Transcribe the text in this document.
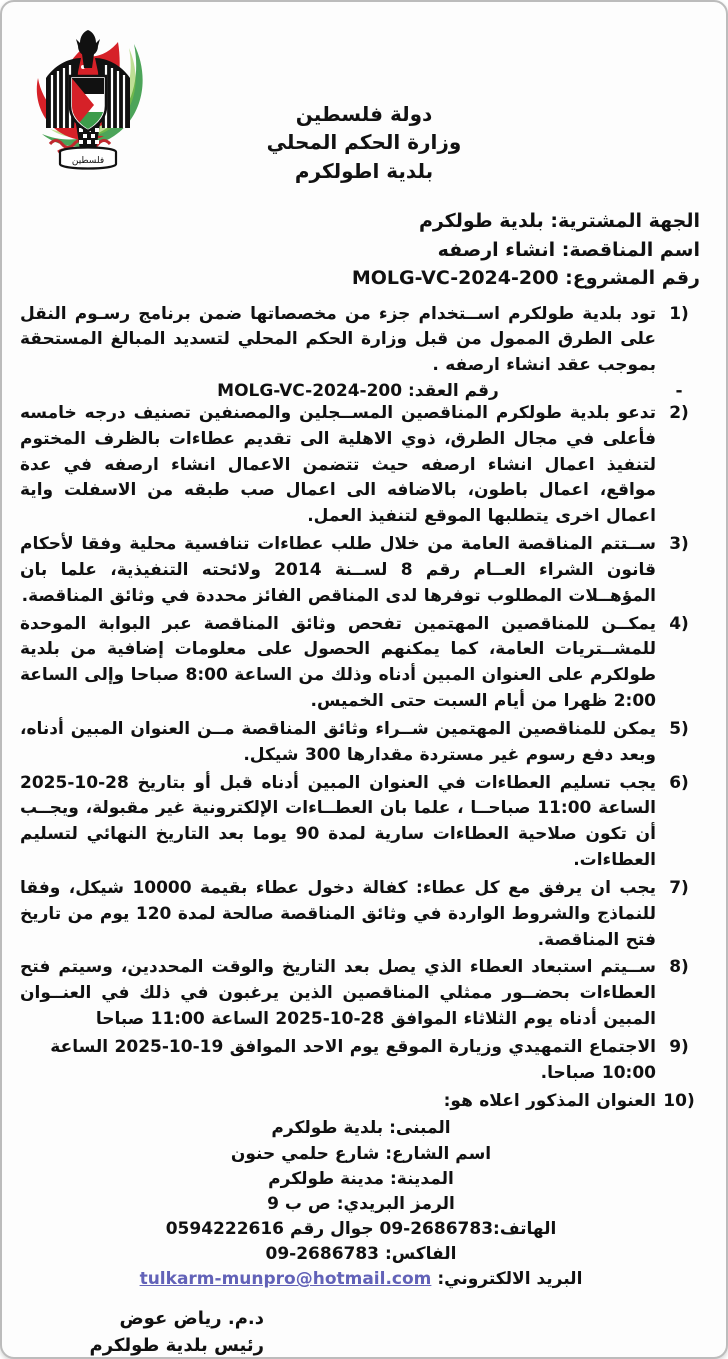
فلسطين
دولة فلسطين
وزارة الحكم المحلي
بلدية اطولكرم
الجهة المشترية: بلدية طولكرم
اسم المناقصة: انشاء ارصفه
رقم المشروع: MOLG-VC-2024-200
1)
تود بلدية طولكرم اســتخدام جزء من مخصصاتها ضمن برنامج رسـوم النقل على الطرق الممول من قبل وزارة الحكم المحلي لتسديد المبالغ المستحقة بموجب عقد انشاء ارصفه .
-
رقم العقد: MOLG-VC-2024-200
2)
تدعو بلدية طولكرم المناقصين المســجلين والمصنفين تصنيف درجه خامسه فأعلى في مجال الطرق، ذوي الاهلية الى تقديم عطاءات بالظرف المختوم لتنفيذ اعمال انشاء ارصفه حيث تتضمن الاعمال انشاء ارصفه في عدة مواقع، اعمال باطون، بالاضافه الى اعمال صب طبقه من الاسفلت واية اعمال اخرى يتطلبها الموقع لتنفيذ العمل.
3)
ســتتم المناقصة العامة من خلال طلب عطاءات تنافسية محلية وفقا لأحكام قانون الشراء العــام رقم 8 لســنة 2014 ولائحته التنفيذية، علما بان المؤهــلات المطلوب توفرها لدى المناقص الفائز محددة في وثائق المناقصة.
4)
يمكــن للمناقصين المهتمين تفحص وثائق المناقصة عبر البوابة الموحدة للمشــتريات العامة، كما يمكنهم الحصول على معلومات إضافية من بلدية طولكرم على العنوان المبين أدناه وذلك من الساعة 8:00 صباحا وإلى الساعة 2:00 ظهرا من أيام السبت حتى الخميس.
5)
يمكن للمناقصين المهتمين شــراء وثائق المناقصة مــن العنوان المبين أدناه، وبعد دفع رسوم غير مستردة مقدارها 300 شيكل.
6)
يجب تسليم العطاءات في العنوان المبين أدناه قبل أو بتاريخ 28-10-2025 الساعة 11:00 صباحــا ، علما بان العطــاءات الإلكترونية غير مقبولة، ويجــب أن تكون صلاحية العطاءات سارية لمدة 90 يوما بعد التاريخ النهائي لتسليم العطاءات.
7)
يجب ان يرفق مع كل عطاء: كفالة دخول عطاء بقيمة 10000 شيكل، وفقا للنماذج والشروط الواردة في وثائق المناقصة صالحة لمدة 120 يوم من تاريخ فتح المناقصة.
8)
ســيتم استبعاد العطاء الذي يصل بعد التاريخ والوقت المحددين، وسيتم فتح العطاءات بحضــور ممثلي المناقصين الذين يرغبون في ذلك في العنــوان المبين أدناه يوم الثلاثاء الموافق 28-10-2025 الساعة 11:00 صباحا
9)
الاجتماع التمهيدي وزيارة الموقع يوم الاحد الموافق 19-10-2025 الساعة 10:00 صباحا.
10)
العنوان المذكور اعلاه هو:
المبنى: بلدية طولكرم
اسم الشارع: شارع حلمي حنون
المدينة: مدينة طولكرم
الرمز البريدي: ص ب 9
الهاتف:09-2686783 جوال رقم 0594222616
الفاكس: 09-2686783
البريد الالكتروني: tulkarm-munpro@hotmail.com
د.م. رياض عوض
رئيس بلدية طولكرم
